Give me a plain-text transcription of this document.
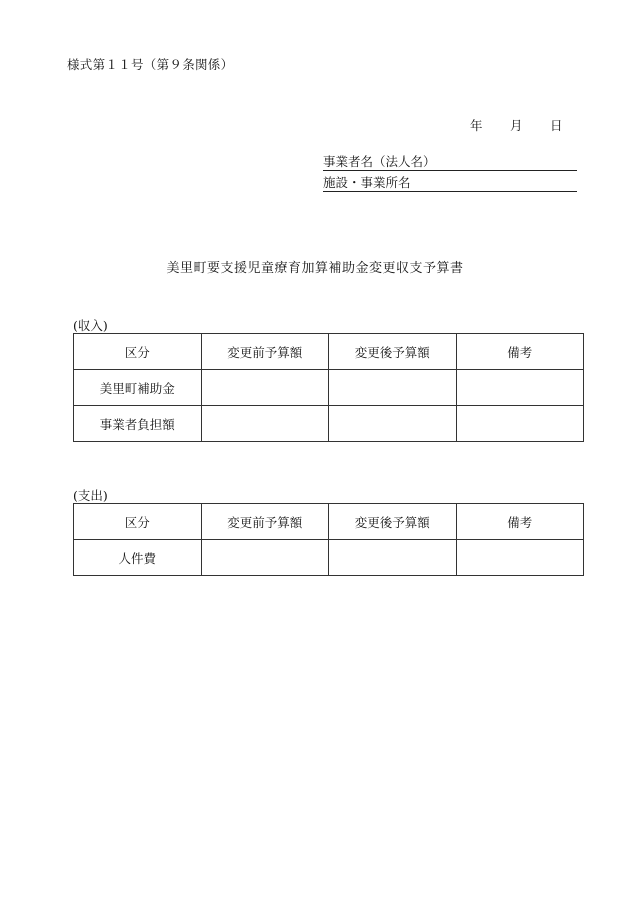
様式第１１号（第９条関係）
年	月	日
事業者名（法人名）
施設・事業所名
美里町要支援児童療育加算補助金変更収支予算書
(収入)
区分	変更前予算額	変更後予算額	備考
美里町補助金			
事業者負担額			
(支出)
区分	変更前予算額	変更後予算額	備考
人件費			
